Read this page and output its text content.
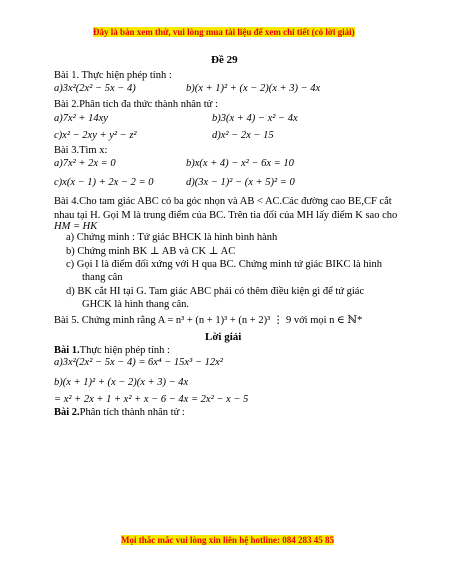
Đây là bản xem thử, vui lòng mua tài liệu để xem chi tiết (có lời giải)
Đề 29
Bài 1. Thực hiện phép tính :
a)3x²(2x² − 5x − 4)	b)(x + 1)² + (x − 2)(x + 3) − 4x
Bài 2.Phân tích đa thức thành nhân tử :
a)7x² + 14xy	b)3(x + 4) − x² − 4x
c)x² − 2xy + y² − z²	d)x² − 2x − 15
Bài 3.Tìm x:
a)7x² + 2x = 0	b)x(x + 4) − x² − 6x = 10
c)x(x − 1) + 2x − 2 = 0	d)(3x − 1)² − (x + 5)² = 0
Bài 4.Cho tam giác ABC có ba góc nhọn và AB < AC.Các đường cao BE,CF cắt
nhau tại H. Gọi M là trung điểm của BC. Trên tia đối của MH lấy điểm K sao cho
HM = HK
a) Chứng minh : Tứ giác BHCK là hình bình hành
b) Chứng minh BK ⊥ AB và CK ⊥ AC
c) Gọi I là điểm đối xứng với H qua BC. Chứng minh tứ giác BIKC là hình
thang cân
d) BK cắt HI tại G. Tam giác ABC phải có thêm điều kiện gì để tứ giác
GHCK là hình thang cân.
Bài 5. Chứng minh rằng A = n³ + (n + 1)³ + (n + 2)³ ⋮ 9 với mọi n ∈ ℕ*
Lời giải
Bài 1.Thực hiện phép tính :
a)3x²(2x² − 5x − 4) = 6x⁴ − 15x³ − 12x²
b)(x + 1)² + (x − 2)(x + 3) − 4x
= x² + 2x + 1 + x² + x − 6 − 4x = 2x² − x − 5
Bài 2.Phân tích thành nhân tử :
Mọi thắc mắc vui lòng xin liên hệ hotline: 084 283 45 85
